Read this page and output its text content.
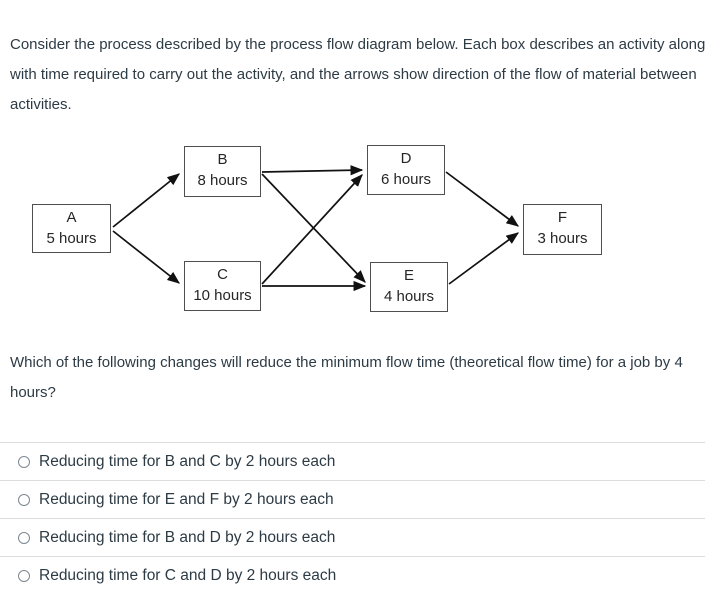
Consider the process described by the process flow diagram below. Each box describes an activity along with time required to carry out the activity, and the arrows show direction of the flow of material between activities.

A
5 hours
B
8 hours
C
10 hours
D
6 hours
E
4 hours
F
3 hours

Which of the following changes will reduce the minimum flow time (theoretical flow time) for a job by 4 hours?

Reducing time for B and C by 2 hours each
Reducing time for E and F by 2 hours each
Reducing time for B and D by 2 hours each
Reducing time for C and D by 2 hours each
